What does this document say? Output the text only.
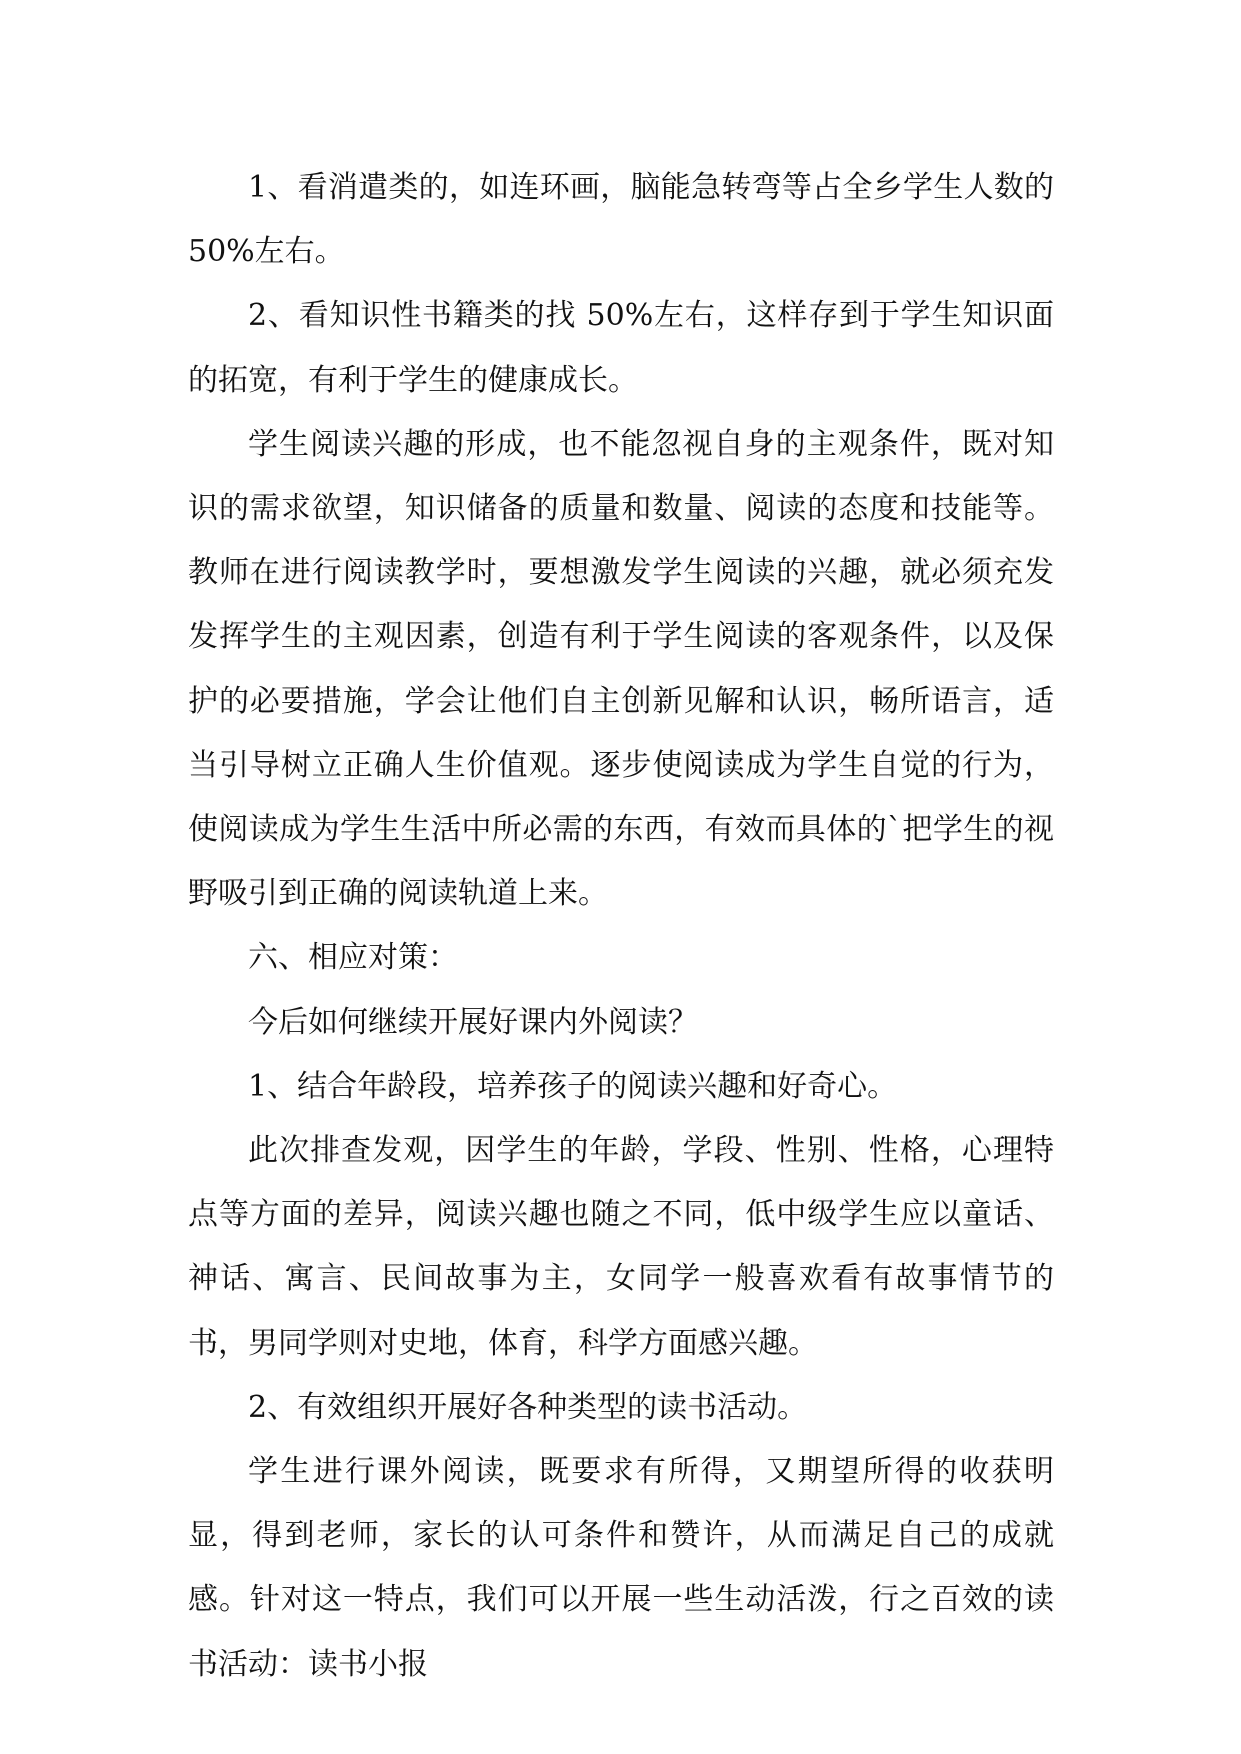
1、看消遣类的，如连环画，脑能急转弯等占全乡学生人数的 50%左右。

2、看知识性书籍类的找 50%左右，这样存到于学生知识面的拓宽，有利于学生的健康成长。

学生阅读兴趣的形成，也不能忽视自身的主观条件，既对知识的需求欲望，知识储备的质量和数量、阅读的态度和技能等。教师在进行阅读教学时，要想激发学生阅读的兴趣，就必须充发发挥学生的主观因素，创造有利于学生阅读的客观条件，以及保护的必要措施，学会让他们自主创新见解和认识，畅所语言，适当引导树立正确人生价值观。逐步使阅读成为学生自觉的行为，使阅读成为学生生活中所必需的东西，有效而具体的`把学生的视野吸引到正确的阅读轨道上来。

六、相应对策：

今后如何继续开展好课内外阅读？

1、结合年龄段，培养孩子的阅读兴趣和好奇心。

此次排查发观，因学生的年龄，学段、性别、性格，心理特点等方面的差异，阅读兴趣也随之不同，低中级学生应以童话、神话、寓言、民间故事为主，女同学一般喜欢看有故事情节的书，男同学则对史地，体育，科学方面感兴趣。

2、有效组织开展好各种类型的读书活动。

学生进行课外阅读，既要求有所得，又期望所得的收获明显，得到老师，家长的认可条件和赞许，从而满足自己的成就感。针对这一特点，我们可以开展一些生动活泼，行之百效的读书活动：读书小报
